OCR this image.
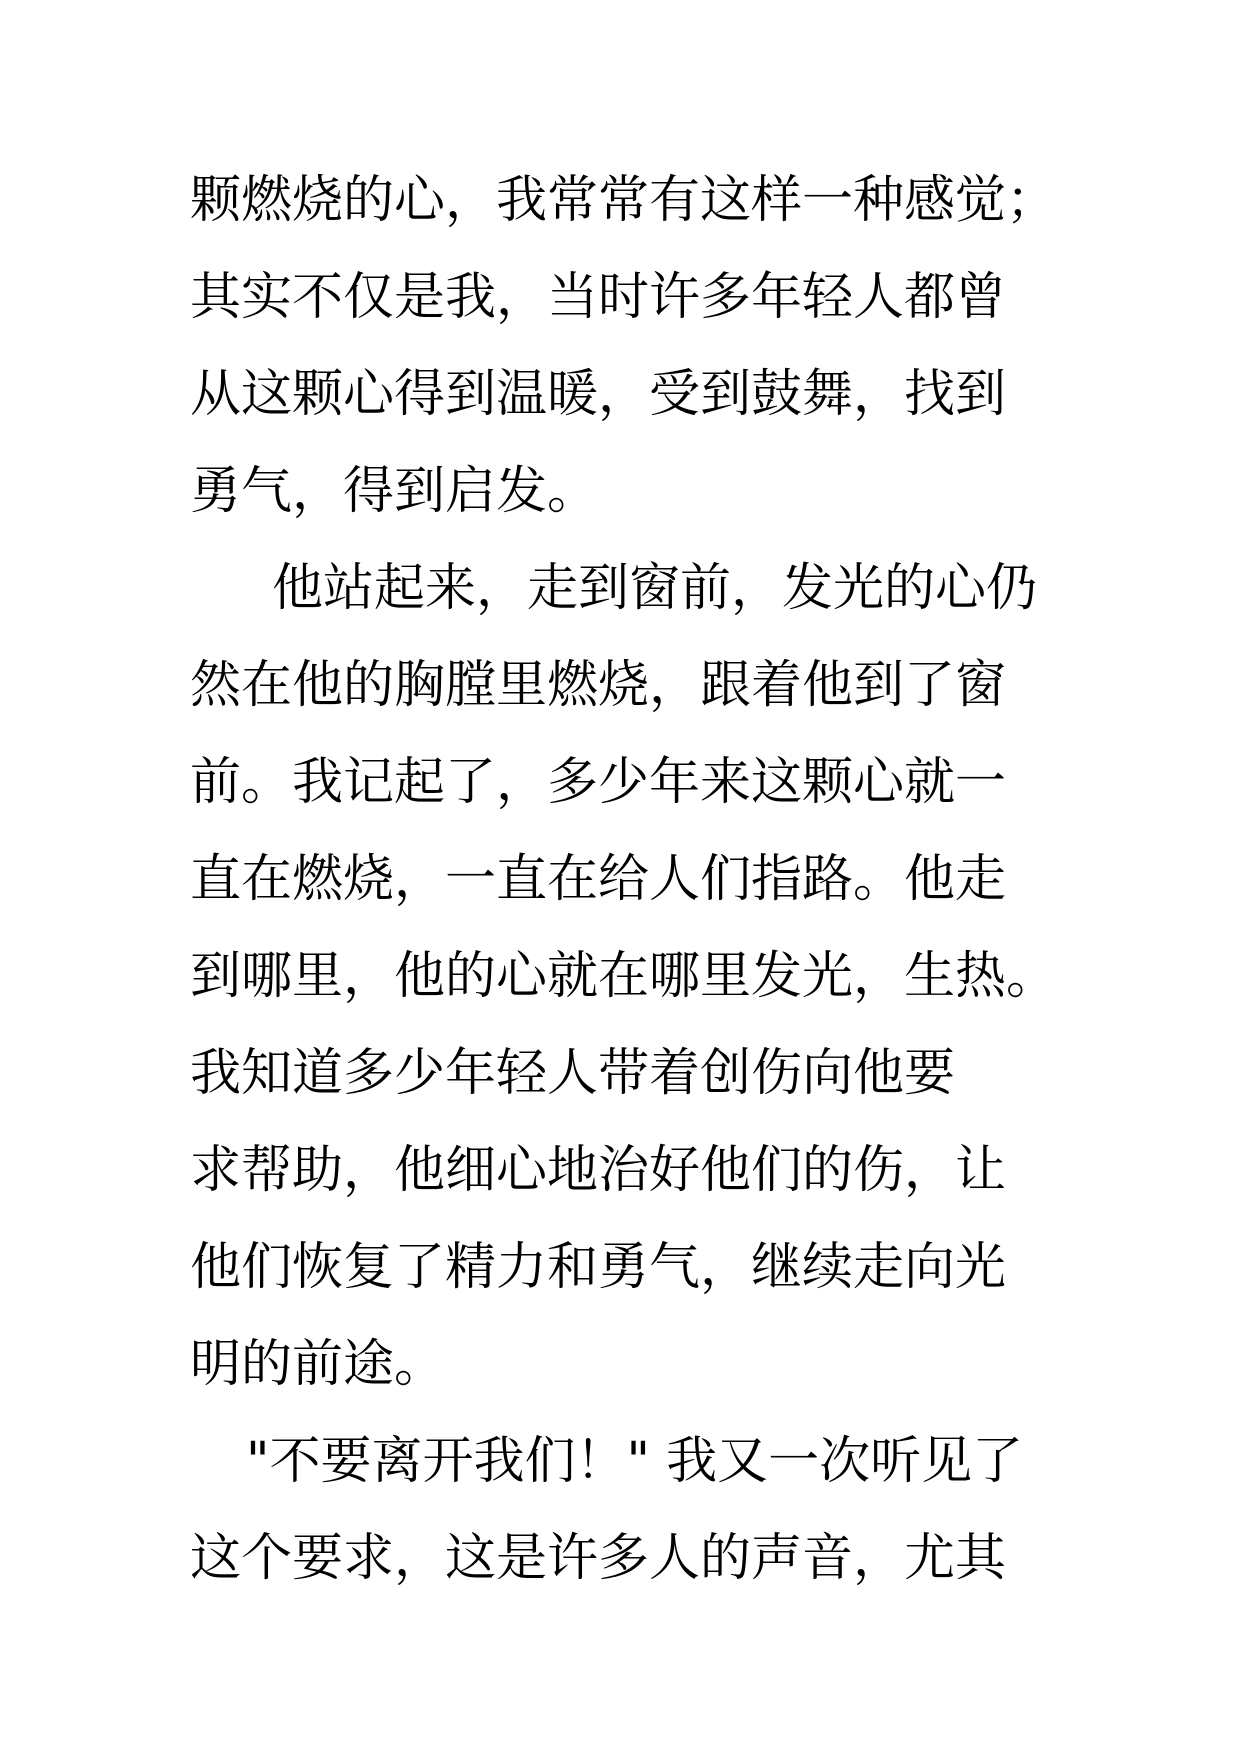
颗燃烧的心，我常常有这样一种感觉；
其实不仅是我，当时许多年轻人都曾
从这颗心得到温暖，受到鼓舞，找到
勇气，得到启发。
他站起来，走到窗前，发光的心仍
然在他的胸膛里燃烧，跟着他到了窗
前。我记起了，多少年来这颗心就一
直在燃烧，一直在给人们指路。他走
到哪里，他的心就在哪里发光，生热。
我知道多少年轻人带着创伤向他要
求帮助，他细心地治好他们的伤，让
他们恢复了精力和勇气，继续走向光
明的前途。
"不要离开我们！" 我又一次听见了
这个要求，这是许多人的声音，尤其
